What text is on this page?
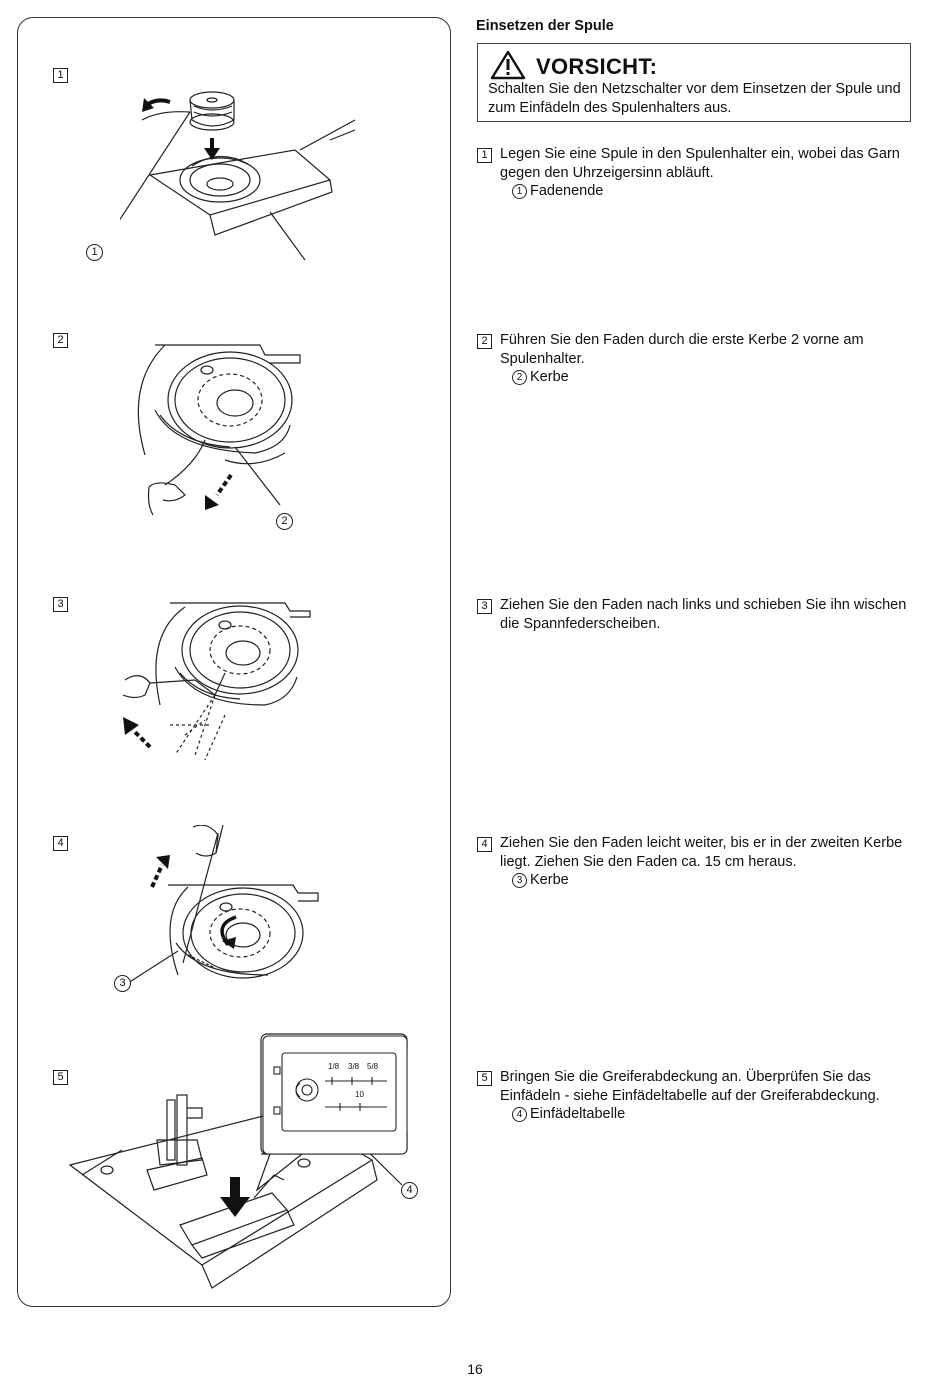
Einsetzen der Spule
VORSICHT:
Schalten Sie den Netzschalter vor dem Einsetzen der Spule und zum Einfädeln des Spulenhalters aus.
1 Legen Sie eine Spule in den Spulenhalter ein, wobei das Garn gegen den Uhrzeigersinn abläuft.
1 Fadenende
2 Führen Sie den Faden durch die erste Kerbe 2 vorne am Spulenhalter.
2 Kerbe
3 Ziehen Sie den Faden nach links und schieben Sie ihn wischen die Spannfederscheiben.
4 Ziehen Sie den Faden leicht weiter, bis er in der zweiten Kerbe liegt. Ziehen Sie den Faden ca. 15 cm heraus.
3 Kerbe
5 Bringen Sie die Greiferabdeckung an. Überprüfen Sie das Einfädeln - siehe Einfädeltabelle auf der Greiferabdeckung.
4 Einfädeltabelle
1
2
3
4
5
1
2
3
1/8 3/8 5/8
10
4
16
